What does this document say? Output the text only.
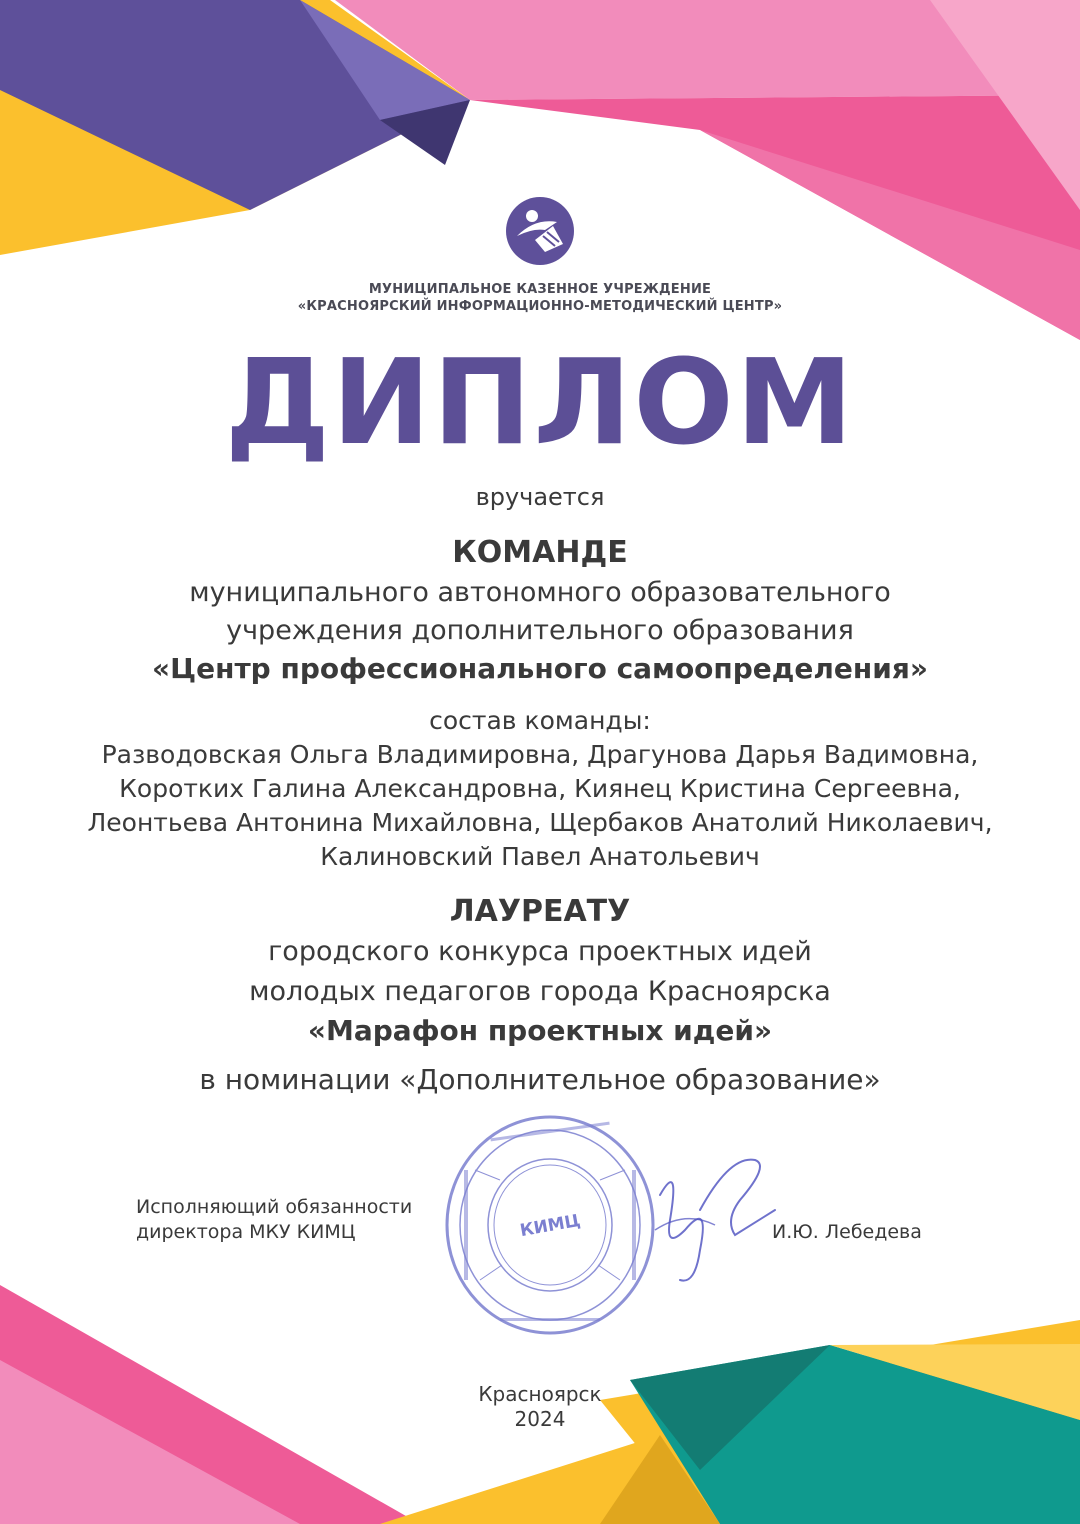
МУНИЦИПАЛЬНОЕ КАЗЕННОЕ УЧРЕЖДЕНИЕ
«КРАСНОЯРСКИЙ ИНФОРМАЦИОННО-МЕТОДИЧЕСКИЙ ЦЕНТР»
ДИПЛОМ
вручается
КОМАНДЕ
муниципального автономного образовательного
учреждения дополнительного образования
«Центр профессионального самоопределения»
состав команды:
Разводовская Ольга Владимировна, Драгунова Дарья Вадимовна,
Коротких Галина Александровна, Киянец Кристина Сергеевна,
Леонтьева Антонина Михайловна, Щербаков Анатолий Николаевич,
Калиновский Павел Анатольевич
ЛАУРЕАТУ
городского конкурса проектных идей
молодых педагогов города Красноярска
«Марафон проектных идей»
в номинации «Дополнительное образование»
КИМЦ
Исполняющий обязанности
директора МКУ КИМЦ	И.Ю. Лебедева
Красноярск
2024
